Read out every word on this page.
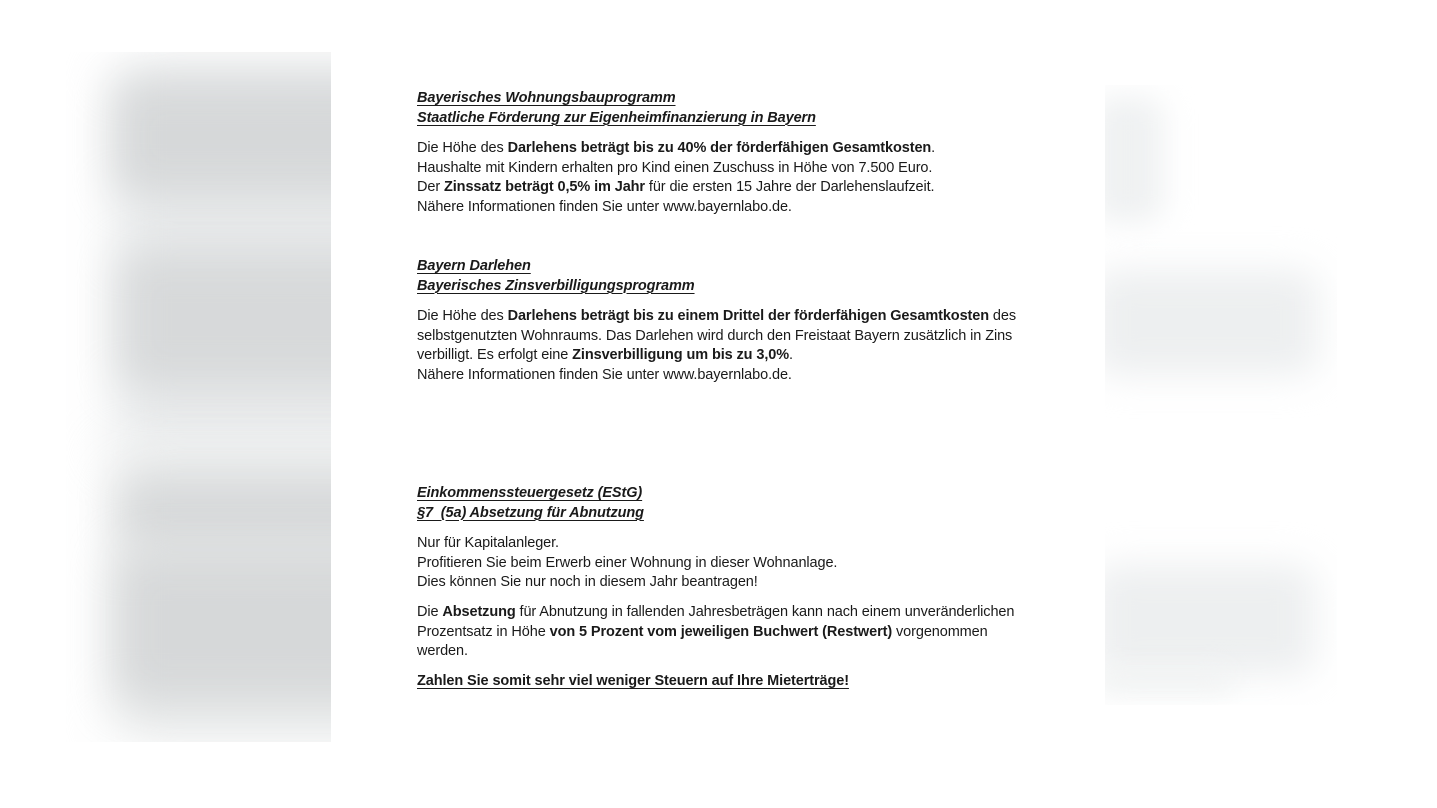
Bayerisches Wohnungsbauprogramm
Staatliche Förderung zur Eigenheimfinanzierung in Bayern
Die Höhe des Darlehens beträgt bis zu 40% der förderfähigen Gesamtkosten.
Haushalte mit Kindern erhalten pro Kind einen Zuschuss in Höhe von 7.500 Euro.
Der Zinssatz beträgt 0,5% im Jahr für die ersten 15 Jahre der Darlehenslaufzeit.
Nähere Informationen finden Sie unter www.bayernlabo.de.
Bayern Darlehen
Bayerisches Zinsverbilligungsprogramm
Die Höhe des Darlehens beträgt bis zu einem Drittel der förderfähigen Gesamtkosten des
selbstgenutzten Wohnraums. Das Darlehen wird durch den Freistaat Bayern zusätzlich in Zins
verbilligt. Es erfolgt eine Zinsverbilligung um bis zu 3,0%.
Nähere Informationen finden Sie unter www.bayernlabo.de.
Einkommenssteuergesetz (EStG)
§7  (5a) Absetzung für Abnutzung
Nur für Kapitalanleger.
Profitieren Sie beim Erwerb einer Wohnung in dieser Wohnanlage.
Dies können Sie nur noch in diesem Jahr beantragen!
Die Absetzung für Abnutzung in fallenden Jahresbeträgen kann nach einem unveränderlichen
Prozentsatz in Höhe von 5 Prozent vom jeweiligen Buchwert (Restwert) vorgenommen
werden.
Zahlen Sie somit sehr viel weniger Steuern auf Ihre Mieterträge!
